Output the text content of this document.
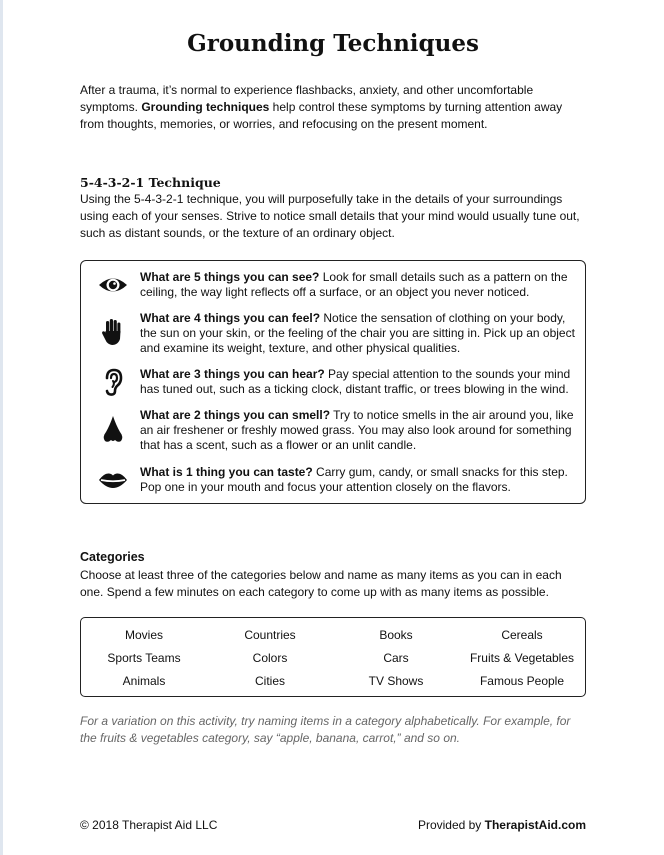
Grounding Techniques
After a trauma, it’s normal to experience flashbacks, anxiety, and other uncomfortable symptoms. Grounding techniques help control these symptoms by turning attention away from thoughts, memories, or worries, and refocusing on the present moment.
5-4-3-2-1 Technique
Using the 5-4-3-2-1 technique, you will purposefully take in the details of your surroundings using each of your senses. Strive to notice small details that your mind would usually tune out, such as distant sounds, or the texture of an ordinary object.
What are 5 things you can see? Look for small details such as a pattern on the ceiling, the way light reflects off a surface, or an object you never noticed.
What are 4 things you can feel? Notice the sensation of clothing on your body, the sun on your skin, or the feeling of the chair you are sitting in. Pick up an object and examine its weight, texture, and other physical qualities.
What are 3 things you can hear? Pay special attention to the sounds your mind has tuned out, such as a ticking clock, distant traffic, or trees blowing in the wind.
What are 2 things you can smell? Try to notice smells in the air around you, like an air freshener or freshly mowed grass. You may also look around for something that has a scent, such as a flower or an unlit candle.
What is 1 thing you can taste? Carry gum, candy, or small snacks for this step. Pop one in your mouth and focus your attention closely on the flavors.
Categories
Choose at least three of the categories below and name as many items as you can in each one. Spend a few minutes on each category to come up with as many items as possible.
Movies	Countries	Books	Cereals
Sports Teams	Colors	Cars	Fruits & Vegetables
Animals	Cities	TV Shows	Famous People
For a variation on this activity, try naming items in a category alphabetically. For example, for the fruits & vegetables category, say “apple, banana, carrot,” and so on.
© 2018 Therapist Aid LLC	Provided by TherapistAid.com
